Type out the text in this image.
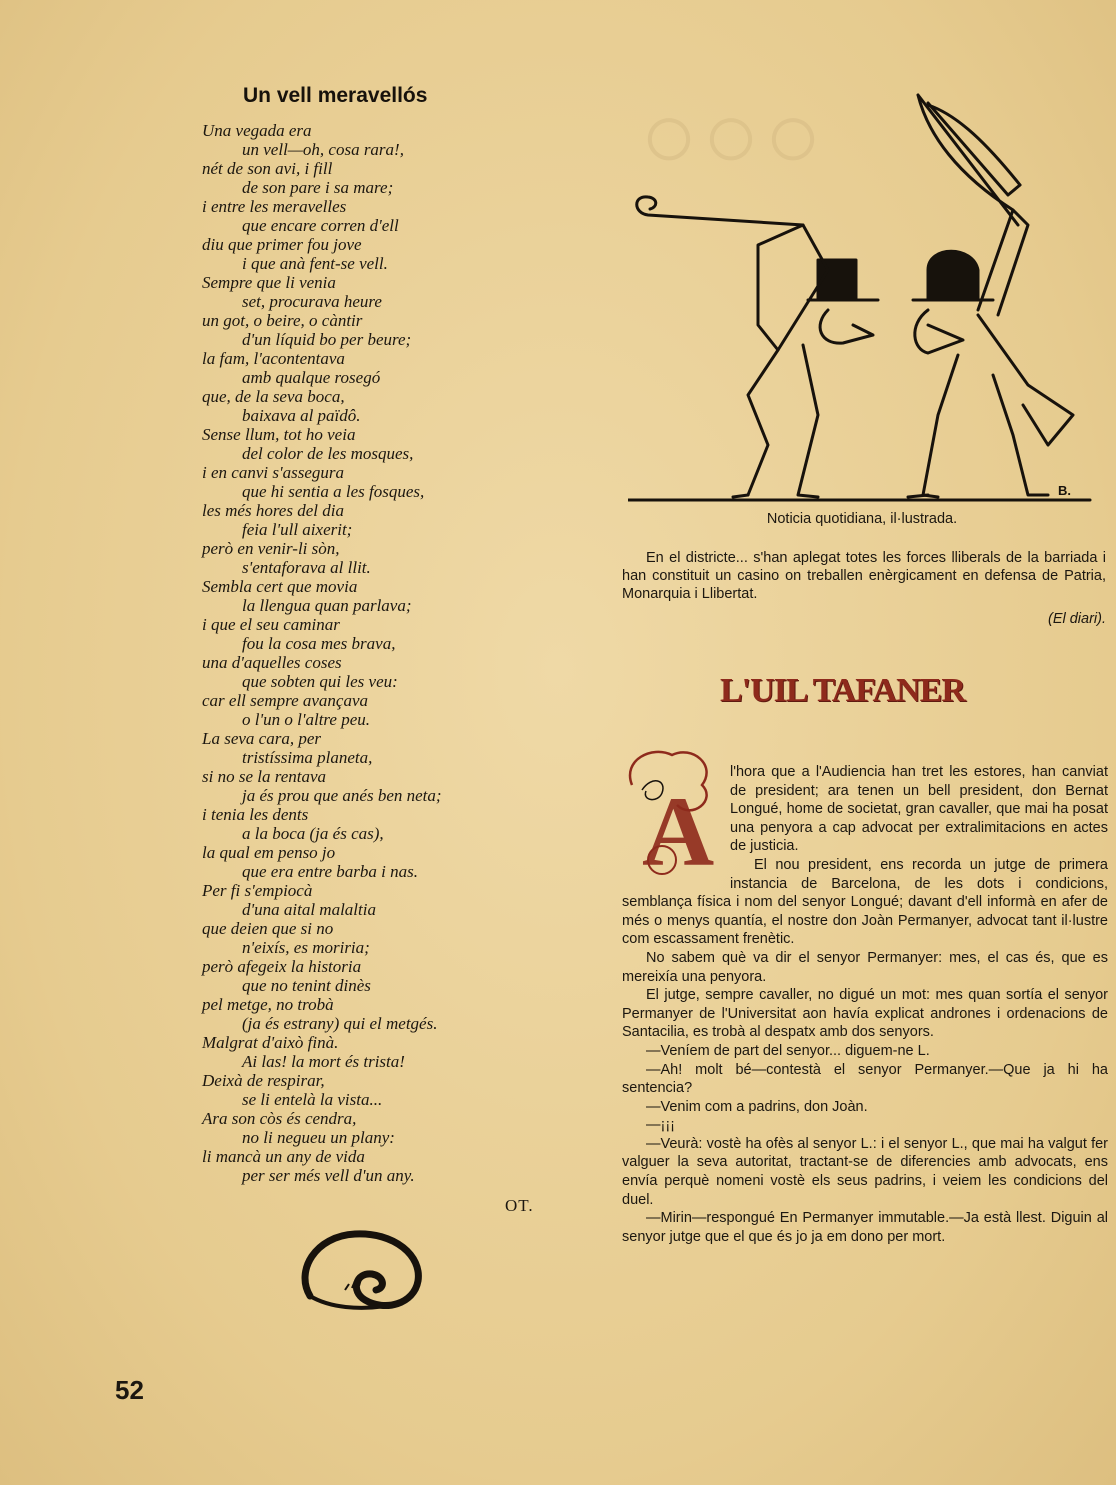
○○○
Un vell meravellós
Una vegada era
un vell—oh, cosa rara!,
nét de son avi, i fill
de son pare i sa mare;
i entre les meravelles
que encare corren d'ell
diu que primer fou jove
i que anà fent-se vell.
Sempre que li venia
set, procurava heure
un got, o beire, o càntir
d'un líquid bo per beure;
la fam, l'acontentava
amb qualque rosegó
que, de la seva boca,
baixava al païdô.
Sense llum, tot ho veia
del color de les mosques,
i en canvi s'assegura
que hi sentia a les fosques,
les més hores del dia
feia l'ull aixerit;
però en venir-li sòn,
s'entaforava al llit.
Sembla cert que movia
la llengua quan parlava;
i que el seu caminar
fou la cosa mes brava,
una d'aquelles coses
que sobten qui les veu:
car ell sempre avançava
o l'un o l'altre peu.
La seva cara, per
tristíssima planeta,
si no se la rentava
ja és prou que anés ben neta;
i tenia les dents
a la boca (ja és cas),
la qual em penso jo
que era entre barba i nas.
Per fi s'empiocà
d'una aital malaltia
que deien que si no
n'eixís, es moriria;
però afegeix la historia
que no tenint dinès
pel metge, no trobà
(ja és estrany) qui el metgés.
Malgrat d'això finà.
Ai las! la mort és trista!
Deixà de respirar,
se li entelà la vista...
Ara son còs és cendra,
no li negueu un plany:
li mancà un any de vida
per ser més vell d'un any.
OT.
52
B.
Noticia quotidiana, il·lustrada.

En el districte... s'han aplegat totes les forces lliberals de la barriada i han constituit un casino on treballen enèrgicament en defensa de Patria, Monarquia i Llibertat.

(El diari).
L'UIL TAFANER
A

l'hora que a l'Audiencia han tret les estores, han canviat de president; ara tenen un bell president, don Bernat Longué, home de societat, gran cavaller, que mai ha posat una penyora a cap advocat per extralimitacions en actes de justicia.

El nou president, ens recorda un jutge de primera instancia de Barcelona, de les dots i condicions, semblança física i nom del senyor Longué; davant d'ell informà en afer de més o menys quantía, el nostre don Joàn Permanyer, advocat tant il·lustre com escassament frenètic.

No sabem què va dir el senyor Permanyer: mes, el cas és, que es mereixía una penyora.

El jutge, sempre cavaller, no digué un mot: mes quan sortía el senyor Permanyer de l'Universitat aon havía explicat andrones i ordenacions de Santacilia, es trobà al despatx amb dos senyors.

—Veníem de part del senyor... diguem-ne L.

—Ah! molt bé—contestà el senyor Permanyer.—Que ja hi ha sentencia?

—Venim com a padrins, don Joàn.

—¡¡¡

—Veurà: vostè ha ofès al senyor L.: i el senyor L., que mai ha valgut fer valguer la seva autoritat, tractant-se de diferencies amb advocats, ens envía perquè nomeni vostè els seus padrins, i veiem les condicions del duel.

—Mirin—respongué En Permanyer immutable.—Ja està llest. Diguin al senyor jutge que el que és jo ja em dono per mort.
